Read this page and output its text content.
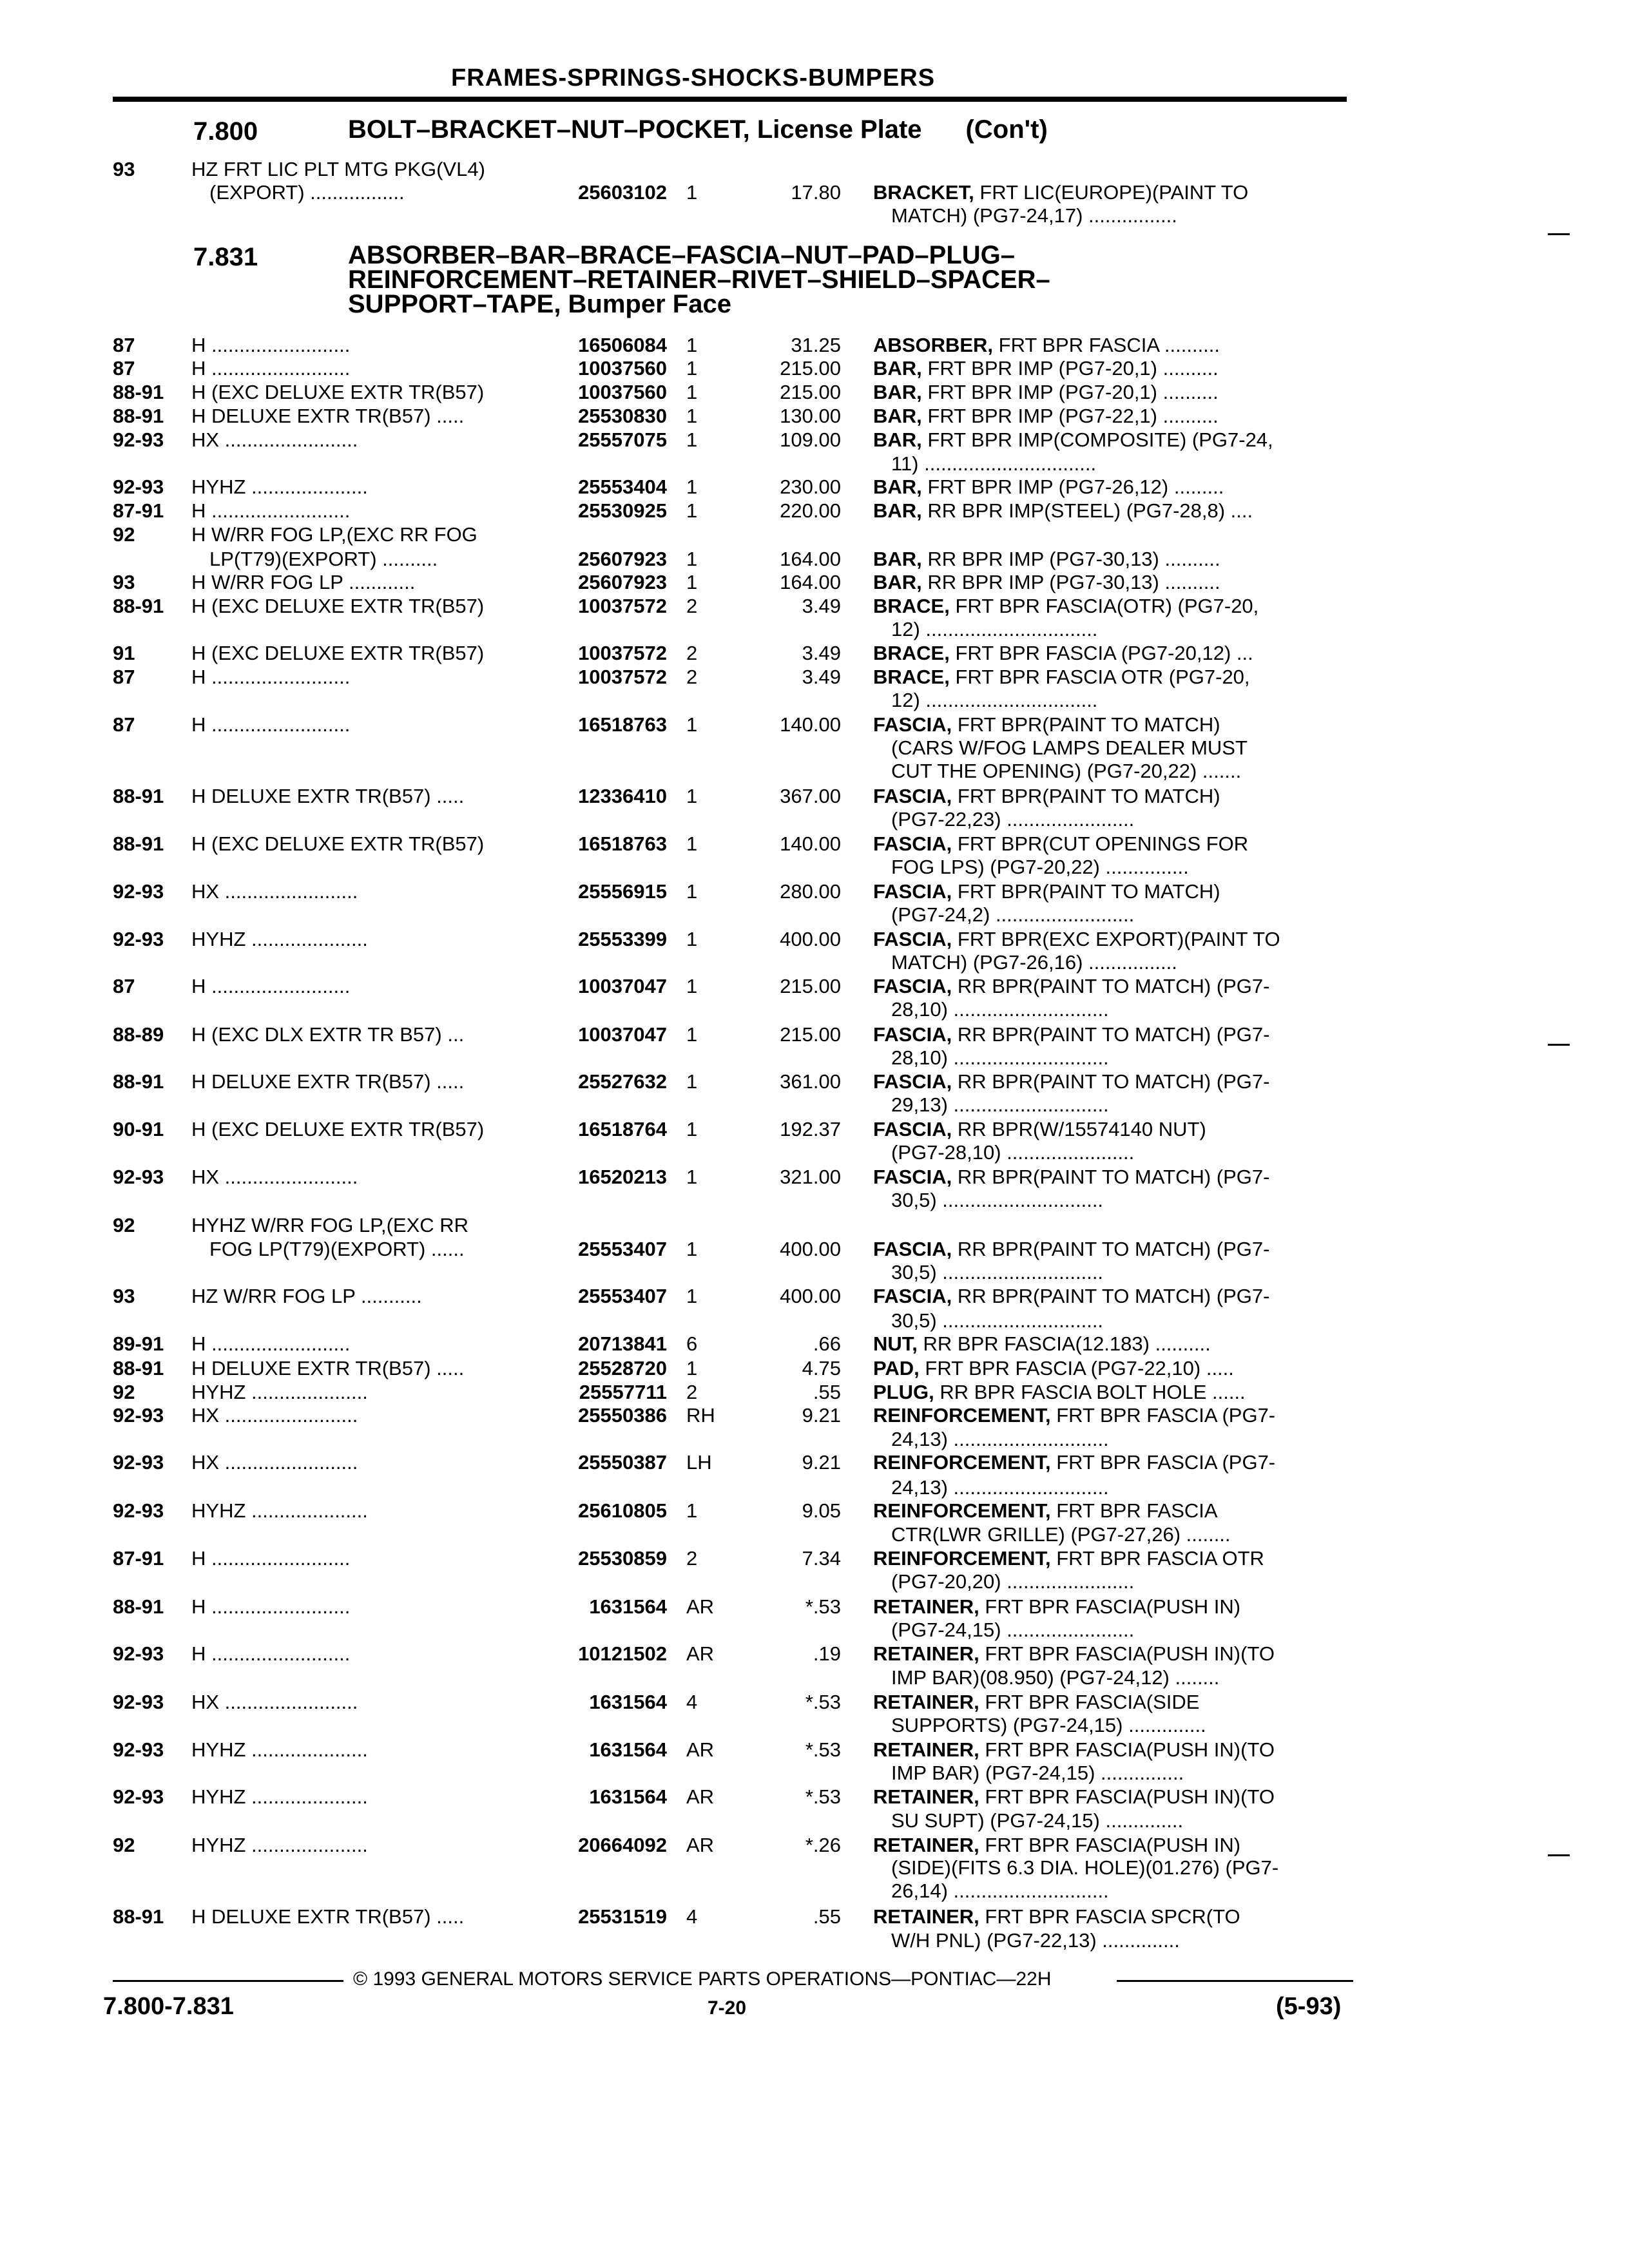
FRAMES-SPRINGS-SHOCKS-BUMPERS
7.800	BOLT–BRACKET–NUT–POCKET, License Plate (Con't)
7.831	ABSORBER–BAR–BRACE–FASCIA–NUT–PAD–PLUG–
REINFORCEMENT–RETAINER–RIVET–SHIELD–SPACER–
SUPPORT–TAPE, Bumper Face
93	HZ FRT LIC PLT MTG PKG(VL4)
(EXPORT) .................	25603102 1	17.80 BRACKET, FRT LIC(EUROPE)(PAINT TO
MATCH) (PG7-24,17) ................
87	H .........................	16506084 1	31.25 ABSORBER, FRT BPR FASCIA ..........
87	H .........................	10037560 1	215.00 BAR, FRT BPR IMP (PG7-20,1) ..........
88-91 H (EXC DELUXE EXTR TR(B57)	10037560 1	215.00 BAR, FRT BPR IMP (PG7-20,1) ..........
88-91 H DELUXE EXTR TR(B57) .....	25530830 1	130.00 BAR, FRT BPR IMP (PG7-22,1) ..........
92-93 HX ........................	25557075 1	109.00 BAR, FRT BPR IMP(COMPOSITE) (PG7-24,
11) ...............................
92-93 HYHZ .....................	25553404 1	230.00 BAR, FRT BPR IMP (PG7-26,12) .........
87-91 H .........................	25530925 1	220.00 BAR, RR BPR IMP(STEEL) (PG7-28,8) ....
92	H W/RR FOG LP,(EXC RR FOG
LP(T79)(EXPORT) ..........	25607923 1	164.00 BAR, RR BPR IMP (PG7-30,13) ..........
93	H W/RR FOG LP ............	25607923 1	164.00 BAR, RR BPR IMP (PG7-30,13) ..........
88-91 H (EXC DELUXE EXTR TR(B57)	10037572 2	3.49 BRACE, FRT BPR FASCIA(OTR) (PG7-20,
12) ...............................
91	H (EXC DELUXE EXTR TR(B57)	10037572 2	3.49 BRACE, FRT BPR FASCIA (PG7-20,12) ...
87	H .........................	10037572 2	3.49 BRACE, FRT BPR FASCIA OTR (PG7-20,
12) ...............................
87	H .........................	16518763 1	140.00 FASCIA, FRT BPR(PAINT TO MATCH)
(CARS W/FOG LAMPS DEALER MUST
CUT THE OPENING) (PG7-20,22) .......
88-91 H DELUXE EXTR TR(B57) .....	12336410 1	367.00 FASCIA, FRT BPR(PAINT TO MATCH)
(PG7-22,23) .......................
88-91 H (EXC DELUXE EXTR TR(B57)	16518763 1	140.00 FASCIA, FRT BPR(CUT OPENINGS FOR
FOG LPS) (PG7-20,22) ...............
92-93 HX ........................	25556915 1	280.00 FASCIA, FRT BPR(PAINT TO MATCH)
(PG7-24,2) .........................
92-93 HYHZ .....................	25553399 1	400.00 FASCIA, FRT BPR(EXC EXPORT)(PAINT TO
MATCH) (PG7-26,16) ................
87	H .........................	10037047 1	215.00 FASCIA, RR BPR(PAINT TO MATCH) (PG7-
28,10) ............................
88-89 H (EXC DLX EXTR TR B57) ...	10037047 1	215.00 FASCIA, RR BPR(PAINT TO MATCH) (PG7-
28,10) ............................
88-91 H DELUXE EXTR TR(B57) .....	25527632 1	361.00 FASCIA, RR BPR(PAINT TO MATCH) (PG7-
29,13) ............................
90-91 H (EXC DELUXE EXTR TR(B57)	16518764 1	192.37 FASCIA, RR BPR(W/15574140 NUT)
(PG7-28,10) .......................
92-93 HX ........................	16520213 1	321.00 FASCIA, RR BPR(PAINT TO MATCH) (PG7-
30,5) .............................
92	HYHZ W/RR FOG LP,(EXC RR
FOG LP(T79)(EXPORT) ......	25553407 1	400.00 FASCIA, RR BPR(PAINT TO MATCH) (PG7-
30,5) .............................
93	HZ W/RR FOG LP ...........	25553407 1	400.00 FASCIA, RR BPR(PAINT TO MATCH) (PG7-
30,5) .............................
89-91 H .........................	20713841 6	.66 NUT, RR BPR FASCIA(12.183) ..........
88-91 H DELUXE EXTR TR(B57) .....	25528720 1	4.75 PAD, FRT BPR FASCIA (PG7-22,10) .....
92	HYHZ .....................	25557711 2	.55 PLUG, RR BPR FASCIA BOLT HOLE ......
92-93 HX ........................	25550386 RH	9.21 REINFORCEMENT, FRT BPR FASCIA (PG7-
24,13) ............................
92-93 HX ........................	25550387 LH	9.21 REINFORCEMENT, FRT BPR FASCIA (PG7-
24,13) ............................
92-93 HYHZ .....................	25610805 1	9.05 REINFORCEMENT, FRT BPR FASCIA
CTR(LWR GRILLE) (PG7-27,26) ........
87-91 H .........................	25530859 2	7.34 REINFORCEMENT, FRT BPR FASCIA OTR
(PG7-20,20) .......................
88-91 H .........................	1631564 AR	*.53 RETAINER, FRT BPR FASCIA(PUSH IN)
(PG7-24,15) .......................
92-93 H .........................	10121502 AR	.19 RETAINER, FRT BPR FASCIA(PUSH IN)(TO
IMP BAR)(08.950) (PG7-24,12) ........
92-93 HX ........................	1631564 4	*.53 RETAINER, FRT BPR FASCIA(SIDE
SUPPORTS) (PG7-24,15) ..............
92-93 HYHZ .....................	1631564 AR	*.53 RETAINER, FRT BPR FASCIA(PUSH IN)(TO
IMP BAR) (PG7-24,15) ...............
92-93 HYHZ .....................	1631564 AR	*.53 RETAINER, FRT BPR FASCIA(PUSH IN)(TO
SU SUPT) (PG7-24,15) ..............
92	HYHZ .....................	20664092 AR	*.26 RETAINER, FRT BPR FASCIA(PUSH IN)
(SIDE)(FITS 6.3 DIA. HOLE)(01.276) (PG7-
26,14) ............................
88-91 H DELUXE EXTR TR(B57) .....	25531519 4	.55 RETAINER, FRT BPR FASCIA SPCR(TO
W/H PNL) (PG7-22,13) ..............
© 1993 GENERAL MOTORS SERVICE PARTS OPERATIONS—PONTIAC—22H
7.800-7.831	7-20	(5-93)
